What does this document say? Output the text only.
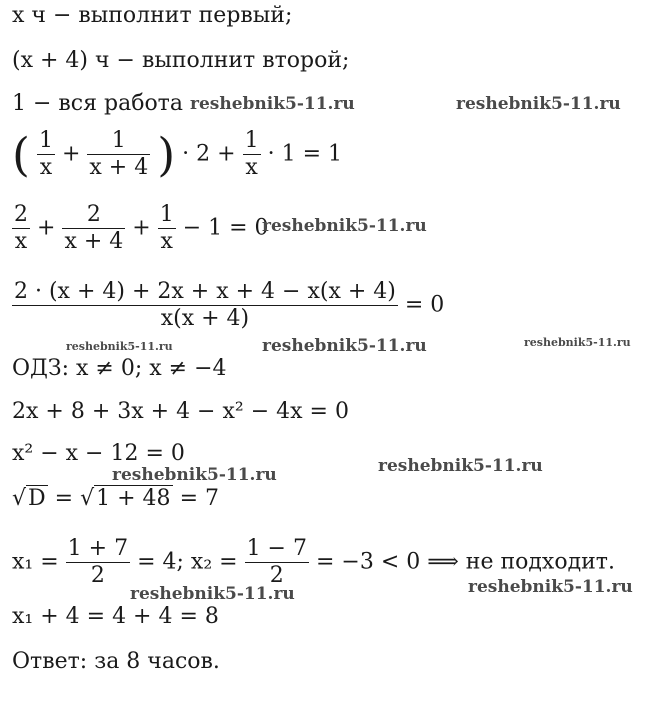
x ч − выполнит первый;
(x + 4) ч − выполнит второй;
1 − вся работа
( $\frac{1}{x} + \frac{1}{x + 4}$ ) · $2 + \frac{1}{x} \cdot 1 = 1$
$\frac{2}{x} + \frac{2}{x + 4} + \frac{1}{x} - 1 = 0$
$\frac{2 \cdot (x + 4) + 2x + x + 4 - x(x + 4)}{x(x + 4)} = 0$
ОДЗ: x ≠ 0; x ≠ −4
2x + 8 + 3x + 4 − x² − 4x = 0
x² − x − 12 = 0
√D = √1 + 48 = 7
$x_1 = \frac{1 + 7}{2} = 4$; $x_2 = \frac{1 - 7}{2} = -3 < 0$ ⟹ не подходит.
x₁ + 4 = 4 + 4 = 8
Ответ: за 8 часов.
reshebnik5-11.ru	reshebnik5-11.ru
reshebnik5-11.ru
reshebnik5-11.ru	reshebnik5-11.ru	reshebnik5-11.ru
reshebnik5-11.ru	reshebnik5-11.ru
reshebnik5-11.ru	reshebnik5-11.ru
